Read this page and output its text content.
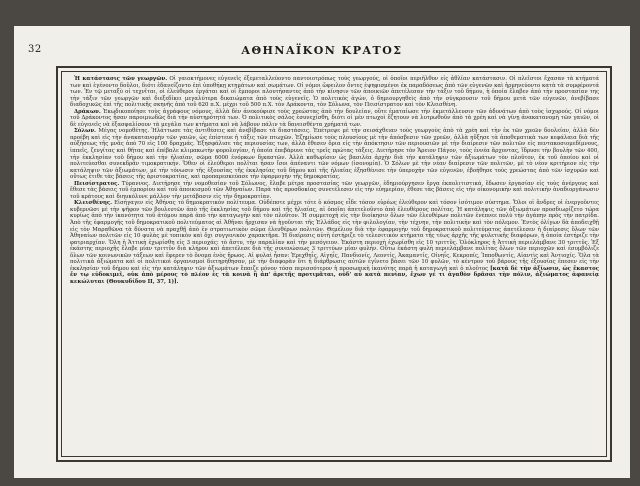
32	ΑΘΗΝΑΪΚΟΝ ΚΡΑΤΟΣ

Ἡ κατάστασις τῶν γεωργῶν. Οἱ γαιοκτήμονες εὐγενεῖς ἐξεμεταλλεύοντο παντοιοτρόπως τοὺς γεωργούς, οἱ ὁποῖοι περιῆλθον εἰς ἀθλίαν κατάστασιν. Οἱ πλεῖστοι ἔχασαν τὰ κτήματά των καὶ ἐγένοντο δοῦλοι, διότι ἐδανείζοντο ἐπὶ ὑποθήκῃ κτημάτων καὶ σωμάτων. Οἱ νόμοι ὤφειλον ὄντες ἐψηφισμένοι ἐκ παραδόσεως ἀπὸ τῶν εὐγενῶν καὶ ἡρμηνεύοντο κατὰ τὰ συμφέροντά των. Ἐν τῷ μεταξὺ οἱ τεχνῖται, οἱ ἐλεύθεροι ἐργάται καὶ οἱ ἔμποροι πλουτήσαντες ἀπὸ τὴν κίνησιν τῶν ἀποικιῶν ἀπετέλεσαν τὴν τάξιν τοῦ δήμου, ἡ ὁποία ἔλαβεν ἀπὸ τὴν προστασίαν της τὴν τάξιν τῶν γεωργῶν καὶ διεξεδίκει μεγαλύτερα δικαιώματα ἀπὸ τοὺς εὐγενεῖς. Ὁ πολιτικὸς ἀγών, ὁ δημιουργηθεὶς ἀπὸ τὴν σύγκρουσιν τοῦ δήμου μετὰ τῶν εὐγενῶν, ἀνεβίβασε διαδοχικῶς ἐπὶ τῆς πολιτικῆς σκηνῆς ἀπὸ τοῦ 620 π.Χ. μέχρι τοῦ 500 π.Χ. τὸν Δράκοντα, τὸν Σόλωνα, τὸν Πεισίστρατον καὶ τὸν Κλεισθένη.

Δράκων. Ἐκωδικοποίησε τοὺς ἀγράφους νόμους, ἀλλὰ δὲν ἀνεκούφισε τοὺς χρεώστας ἀπὸ τὴν δουλείαν, οὔτε ἐματαίωσε τὴν ἐκμετάλλευσιν τῶν ἀδυνάτων ἀπὸ τοὺς ἰσχυρούς. Οἱ νόμοι τοῦ Δράκοντος ἦσαν παροιμιωδῶς διὰ τὴν αὐστηρότητά των. Ὁ πολιτικὸς σάλος ἐσυνεχίσθη, διότι οἱ μὲν πτωχοὶ ἔζητουν νὰ λυτρωθοῦν ἀπὸ τὰ χρέη καὶ νὰ γίνῃ ἀνακατανομὴ τῶν γαιῶν, οἱ δὲ εὐγενεῖς νὰ ἐξασφαλίσουν τὰ μεγάλα των κτήματα καὶ νὰ λάβουν πάλιν τὰ δανεισθέντα χρήματά των.

Σόλων. Μέγας νομοθέτης. Ἡλάττωσε τὰς ἀντιθέσεις καὶ ἀνεβίβασε τὰ διαστάσεις. Ἐπέτρεψε μὲ τὴν σεισάχθειαν τοὺς γεωργοὺς ἀπὸ τὰ χρέη καὶ τὴν ἐκ τῶν χρεῶν δουλείαν, ἀλλὰ δὲν προέβη καὶ εἰς τὴν ἀνακατανομὴν τῶν γαιῶν, ὡς ἐπίστευε ἡ τάξις τῶν πτωχῶν. Ἐζημίωσε τοὺς πλουσίους μὲ τὴν ἀπόσβεσιν τῶν χρεῶν, ἀλλὰ ηὔξησε τὰ ἀποθεματικὰ των κεφάλαια διὰ τῆς αὐξήσεως τῆς μνᾶς ἀπὸ 70 εἰς 100 δραχμάς. Ἐξησφάλισε τὰς περιουσίας των, ἀλλὰ ἔθεσεν ὅρια εἰς τὴν ἀπόκτησιν τῶν περιουσιῶν μὲ τὴν διαίρεσιν τῶν πολιτῶν εἰς πεντακοσιομεδίμνους, ἱππεῖς, ζευγίτας καὶ θῆτας καὶ ἐπέβαλε κλιμακωτὴν φορολογίαν, ἡ ὁποία ἐπεβάρυνε τὰς τρεῖς πρώτας τάξεις. Διετήρησε τὸν Ἄρειον Πάγον, τοὺς ἐννέα ἄρχοντας, ἵδρυσε τὴν βουλὴν τῶν 400, τὴν ἐκκλησίαν τοῦ δήμου καὶ τὴν ἡλιαίαν, σῶμα 6000 ἐνόρκων δικαστῶν. Ἀλλὰ καθωρίσεν ὡς βασιλέα ἀρχὴν διὰ τὴν κατάληψιν τῶν ἀξιωμάτων τὸν πλοῦτον, ἐκ τοῦ ὁποίου καὶ οἱ πολιτεύεσθαι συνεκδρᾶν τιμοκρατικήν. Ὅθεν οἱ ἐλεύθεροι πολῖται ἦσαν ἴσοι ἀπέναντι τῶν νόμων (ἰσονομία). Ὁ Σόλων μὲ τὴν νέαν διαίρεσιν τῶν πολιτῶν, μὲ τὸ νέον κριτήριον εἰς τὴν κατάληψιν τῶν ἀξιωμάτων, μὲ τὴν τόνωσιν τῆς ἐξουσίας τῆς ἐκκλησίας τοῦ δήμου καὶ τῆς ἡλιαίας ἐξησθένισε τὴν ὑπεροχὴν τῶν εὐγενῶν, ἐβοήθησε τοὺς χρεώστας ἀπὸ τῶν ἰσχυρῶν καὶ οὕτως ἐτιθε τὰς βάσεις τῆς ἀριστοκρατίας, καὶ προπαρεσκεύασε τὴν ἐφαρμογὴν τῆς δημοκρατίας.

Πεισίστρατος. Τύραννος. Διετήρησε τὴν νομοθεσίαν τοῦ Σόλωνος, ἔλαβε μέτρα προστασίας τῶν γεωργῶν, ἐδημιούργησεν ἔργα ἐκπολιτιστικά, ἔδωσεν ἐργασίαν εἰς τοὺς ἀνέργους καὶ ἔθεσε τὰς βάσεις τοῦ ἐμπορίου καὶ τοῦ ἀποικισμοῦ τῶν Ἀθηναίων. Παρὰ τὰς προσδοκίας συνετέλεσεν εἰς τὴν εὐημερίαν, ἔθεσε τὰς βάσεις εἰς τὴν οἰκονομικὴν καὶ πολιτικὴν ἀναδιοργάνωσιν τοῦ κράτους καὶ διηυκόλυνε μάλλον τὴν μετάβασιν εἰς τὴν δημοκρατίαν.

Κλεισθένης. Εἰσήγαγεν εἰς Ἀθήνας τὸ δημοκρατικὸν πολίτευμα. Οὐδέποτε μέχρι τότε ὁ κόσμος εἶδε τόσον εὐρέως ἐλεύθερον καὶ τόσον ἰσότιμον σύστημα. Ὅλοι οἱ ἄνδρες οἱ ἐνεργοῦντες κυβερνῶσι μὲ τὴν ψῆφον τῶν βουλευτῶν ἀπὸ τῆς ἐκκλησίας τοῦ δήμου καὶ τῆς ἡλιαίας, αἱ ὁποῖαι ἀπετελοῦντο ἀπὸ ἐλευθέρους πολίτας. Ἡ κατάληψις τῶν ἀξιωμάτων προσδιωρίζετο τώρα κυρίως ἀπὸ τὴν ἱκανότητα τοῦ ἀτόμου παρὰ ἀπὸ τὴν καταγωγὴν καὶ τὸν πλοῦτον. Ἡ συμμετοχὴ εἰς τὴν διοίκησιν ὅλων τῶν ἐλευθέρων πολιτῶν ἐνέπνεε πολὺ τὴν ἀγάπην πρὸς τὴν πατρίδα. Ἀπὸ τῆς ἐφαρμογῆς τοῦ δημοκρατικοῦ πολιτεύματος αἱ Ἀθῆναι ἤρχισαν νὰ ἡγοῦνται τῆς Ἑλλάδος εἰς τὴν φιλολογίαν, τὴν τέχνην, τὴν πολιτικὴν καὶ τὸν πόλεμον. Ἐντὸς ὀλίγων δὰ ἀποδειχθῇ εἰς τὸν Μαραθῶνα τὰ δύνατα νὰ πραχθῇ ἀπὸ ἐν στρατιωτικὸν σῶμα ἐλευθέρων πολιτῶν. Θεμέλιον διὰ τὴν ἐφαρμογὴν τοῦ δημοκρατικοῦ πολιτεύματος ἀπετέλεσεν ἡ διαίρεσις ὅλων τῶν Ἀθηναίων πολιτῶν εἰς 10 φυλὰς μὲ τοπικὸν καὶ ὄχι συγγενικὸν χαρακτῆρα. Ἡ διαίρεσις αὐτὴ ἐστήριζε τὸ τελεσιτικὸν κτήματα τῆς τέως ἀρχῆς τῆς φυλετικῆς διαφόρων, ἡ ὁποία ἐστήριζε τὴν φατριαρχίαν. Ὅλη ἡ Ἀττικὴ ἐχωρίσθη εἰς 3 περιοχάς: τὸ ἄστυ, τὴν παραλίαν καὶ τὴν μεσόγειον. Ἑκάστη περιοχὴ ἐχωρίσθη εἰς 10 τριττῦς. Ὁλόκληρος ἡ Ἀττικὴ περιελάμβανε 30 τριττῦς. Ἐξ ἑκάστης περιοχῆς ἔλαβε μίαν τριττῦν διὰ κλήρου καὶ ἀπετέλεσε διὰ τῆς συνενώσεως 3 τριττύων μίαν φυλήν. Οὕτω ἑκάστη φυλὴ περιελάμβανε πολίτας ὅλων τῶν περιοχῶν καὶ ἐσυμβόλιζε ὅλων τῶν κοινωνικῶν τάξεων καὶ ἔφερεν τὸ ὄνομα ἑνὸς ἥρωος. Αἱ φυλαὶ ἦσαν: Ἐρεχθηΐς, Αἰγηΐς, Πανδιονίς, Λεοντίς, Ἀκαμαντίς, Οἰνηΐς, Κεκροπίς, Ἱπποθωντίς, Αἰαντὶς καὶ Ἀντιοχίς. Ὅλα τὰ πολιτικὰ ἀξιώματα καὶ οἱ πολιτικοὶ ὀργανισμοὶ διετηρήθησαν, μὲ τὴν διαφορὰν ὅτι ἡ διάρθρωσις αὐτῶν ἐγίνετο βάσει τῶν 10 φυλῶν, τὸ κέντρον τοῦ βάρους τῆς ἐξουσίας ἔπεσεν εἰς τὴν ἐκκλησίαν τοῦ δήμου καὶ εἰς τὴν κατάληψιν τῶν ἀξιωμάτων ἔπαιζε μόνον τόσα περισσότερον ἡ προσωπικὴ ἱκανότης παρὰ ἡ καταγωγὴ καὶ ὁ πλοῦτος [κατὰ δὲ τὴν ἀξίωσιν, ὡς ἕκαστος ἔν τῳ εὐδοκιμεῖ, οὐκ ἀπὸ μέρους τὸ πλέον ἐς τὰ κοινὰ ἢ ἀπ' ἀρετῆς προτιμᾶται, οὐδ' αὖ κατὰ πενίαν, ἔχων γέ τι ἀγαθὸν δρᾶσαι τὴν πόλιν, ἀξιώματος ἀφανείᾳ κεκώλυται (Θουκυδίδου II, 37, 1)].
